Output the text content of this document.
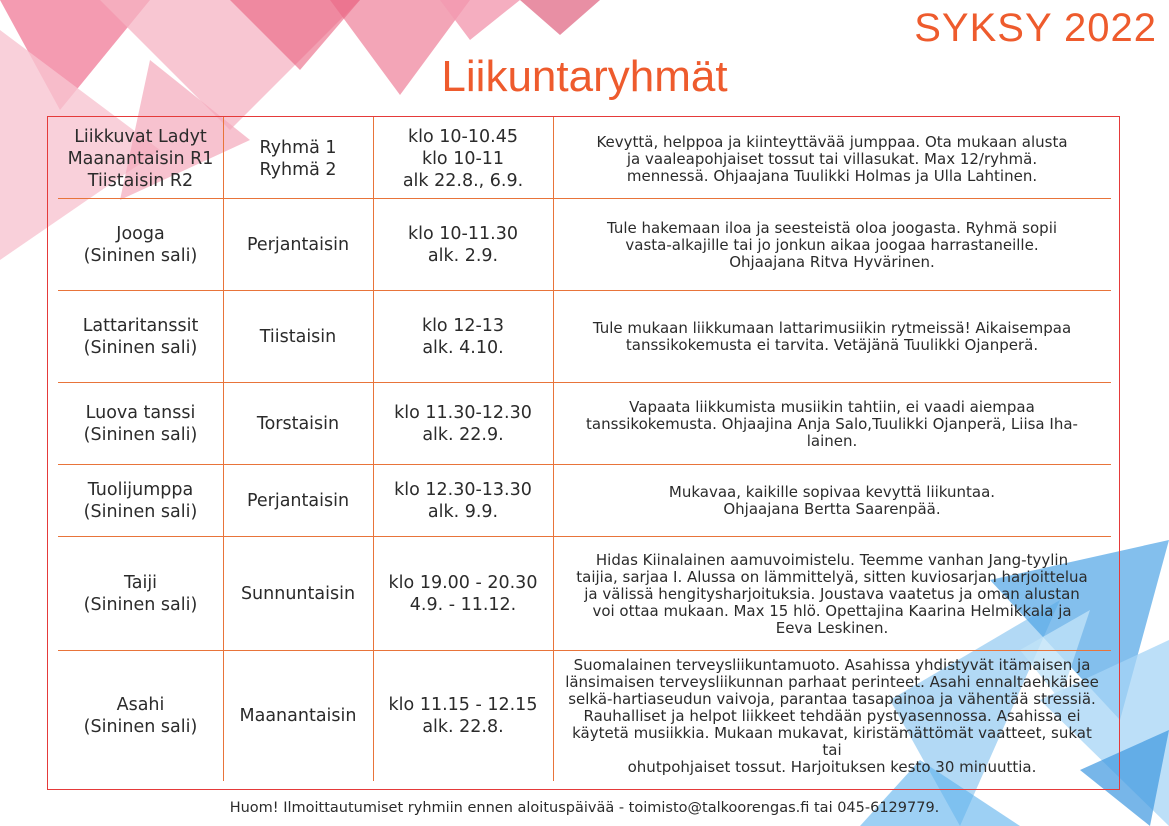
SYKSY 2022
Liikuntaryhmät
Liikkuvat Ladyt
Maanantaisin R1
Tiistaisin R2
Ryhmä 1
Ryhmä 2
klo 10-10.45
klo 10-11
alk 22.8., 6.9.
Kevyttä, helppoa ja kiinteyttävää jumppaa. Ota mukaan alusta
ja vaaleapohjaiset tossut tai villasukat. Max 12/ryhmä.
mennessä. Ohjaajana Tuulikki Holmas ja Ulla Lahtinen.
Jooga
(Sininen sali)
Perjantaisin
klo 10-11.30
alk. 2.9.
Tule hakemaan iloa ja seesteistä oloa joogasta. Ryhmä sopii
vasta-alkajille tai jo jonkun aikaa joogaa harrastaneille.
Ohjaajana Ritva Hyvärinen.
Lattaritanssit
(Sininen sali)
Tiistaisin
klo 12-13
alk. 4.10.
Tule mukaan liikkumaan lattarimusiikin rytmeissä! Aikaisempaa
tanssikokemusta ei tarvita. Vetäjänä Tuulikki Ojanperä.
Luova tanssi
(Sininen sali)
Torstaisin
klo 11.30-12.30
alk. 22.9.
Vapaata liikkumista musiikin tahtiin, ei vaadi aiempaa
tanssikokemusta. Ohjaajina Anja Salo,Tuulikki Ojanperä, Liisa Iha-
lainen.
Tuolijumppa
(Sininen sali)
Perjantaisin
klo 12.30-13.30
alk. 9.9.
Mukavaa, kaikille sopivaa kevyttä liikuntaa.
Ohjaajana Bertta Saarenpää.
Taiji
(Sininen sali)
Sunnuntaisin
klo 19.00 - 20.30
4.9. - 11.12.
Hidas Kiinalainen aamuvoimistelu. Teemme vanhan Jang-tyylin
taijia, sarjaa I. Alussa on lämmittelyä, sitten kuviosarjan harjoittelua
ja välissä hengitysharjoituksia. Joustava vaatetus ja oman alustan
voi ottaa mukaan. Max 15 hlö. Opettajina Kaarina Helmikkala ja
Eeva Leskinen.
Asahi
(Sininen sali)
Maanantaisin
klo 11.15 - 12.15
alk. 22.8.
Suomalainen terveysliikuntamuoto. Asahissa yhdistyvät itämaisen ja
länsimaisen terveysliikunnan parhaat perinteet. Asahi ennaltaehkäisee
selkä-hartiaseudun vaivoja, parantaa tasapainoa ja vähentää stressiä.
Rauhalliset ja helpot liikkeet tehdään pystyasennossa. Asahissa ei
käytetä musiikkia. Mukaan mukavat, kiristämättömät vaatteet, sukat tai
ohutpohjaiset tossut. Harjoituksen kesto 30 minuuttia.
Huom! Ilmoittautumiset ryhmiin ennen aloituspäivää - toimisto@talkoorengas.fi tai 045-6129779.
